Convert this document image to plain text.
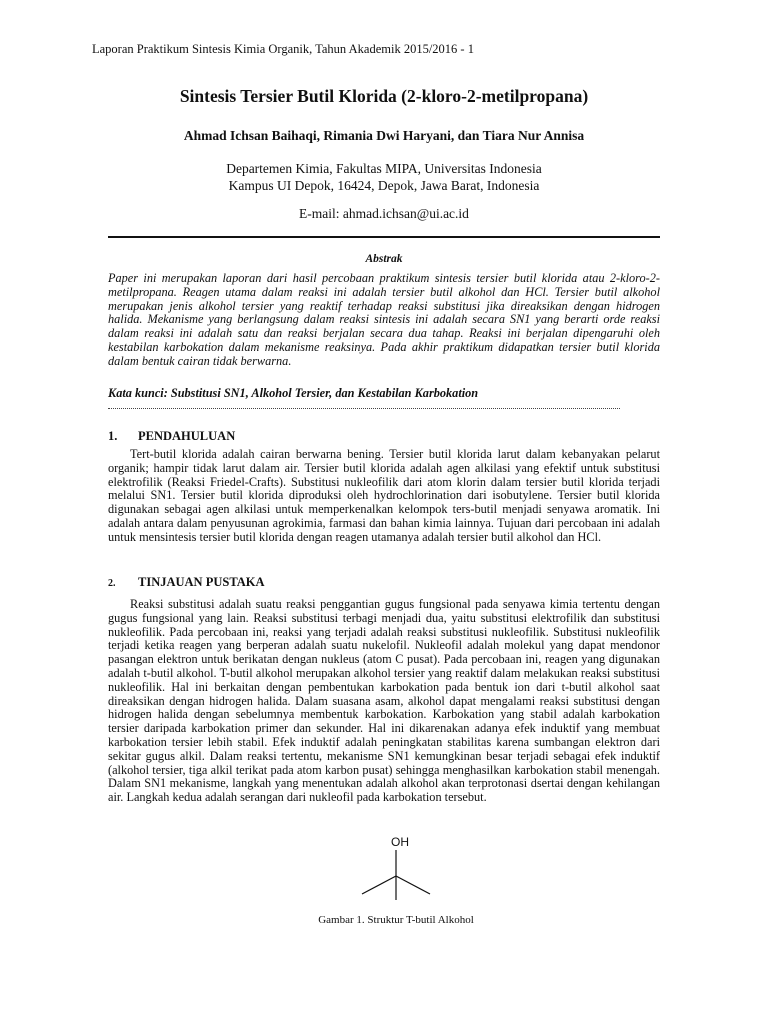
Laporan Praktikum Sintesis Kimia Organik, Tahun Akademik 2015/2016 - 1
Sintesis Tersier Butil Klorida (2-kloro-2-metilpropana)
Ahmad Ichsan Baihaqi, Rimania Dwi Haryani, dan Tiara Nur Annisa
Departemen Kimia, Fakultas MIPA, Universitas Indonesia
Kampus UI Depok, 16424, Depok, Jawa Barat, Indonesia
E-mail: ahmad.ichsan@ui.ac.id
Abstrak

Paper ini merupakan laporan dari hasil percobaan praktikum sintesis tersier butil klorida atau 2-kloro-2-metilpropana. Reagen utama dalam reaksi ini adalah tersier butil alkohol dan HCl. Tersier butil alkohol merupakan jenis alkohol tersier yang reaktif terhadap reaksi substitusi jika direaksikan dengan hidrogen halida. Mekanisme yang berlangsung dalam reaksi sintesis ini adalah secara SN1 yang berarti orde reaksi dalam reaksi ini adalah satu dan reaksi berjalan secara dua tahap. Reaksi ini berjalan dipengaruhi oleh kestabilan karbokation dalam mekanisme reaksinya. Pada akhir praktikum didapatkan tersier butil klorida dalam bentuk cairan tidak berwarna.

Kata kunci: Substitusi SN1, Alkohol Tersier, dan Kestabilan Karbokation
1. PENDAHULUAN

Tert-butil klorida adalah cairan berwarna bening. Tersier butil klorida larut dalam kebanyakan pelarut organik; hampir tidak larut dalam air. Tersier butil klorida adalah agen alkilasi yang efektif untuk substitusi elektrofilik (Reaksi Friedel-Crafts). Substitusi nukleofilik dari atom klorin dalam tersier butil klorida terjadi melalui SN1. Tersier butil klorida diproduksi oleh hydrochlorination dari isobutylene. Tersier butil klorida digunakan sebagai agen alkilasi untuk memperkenalkan kelompok ters-butil menjadi senyawa aromatik. Ini adalah antara dalam penyusunan agrokimia, farmasi dan bahan kimia lainnya. Tujuan dari percobaan ini adalah untuk mensintesis tersier butil klorida dengan reagen utamanya adalah tersier butil alkohol dan HCl.

2. TINJAUAN PUSTAKA

Reaksi substitusi adalah suatu reaksi penggantian gugus fungsional pada senyawa kimia tertentu dengan gugus fungsional yang lain. Reaksi substitusi terbagi menjadi dua, yaitu substitusi elektrofilik dan substitusi nukleofilik. Pada percobaan ini, reaksi yang terjadi adalah reaksi substitusi nukleofilik. Substitusi nukleofilik terjadi ketika reagen yang berperan adalah suatu nukelofil. Nukleofil adalah molekul yang dapat mendonor pasangan elektron untuk berikatan dengan nukleus (atom C pusat). Pada percobaan ini, reagen yang digunakan adalah t-butil alkohol. T-butil alkohol merupakan alkohol tersier yang reaktif dalam melakukan reaksi substitusi nukleofilik. Hal ini berkaitan dengan pembentukan karbokation pada bentuk ion dari t-butil alkohol saat direaksikan dengan hidrogen halida. Dalam suasana asam, alkohol dapat mengalami reaksi substitusi dengan hidrogen halida dengan sebelumnya membentuk karbokation. Karbokation yang stabil adalah karbokation tersier daripada karbokation primer dan sekunder. Hal ini dikarenakan adanya efek induktif yang membuat karbokation tersier lebih stabil. Efek induktif adalah peningkatan stabilitas karena sumbangan elektron dari sekitar gugus alkil. Dalam reaksi tertentu, mekanisme SN1 kemungkinan besar terjadi sebagai efek induktif (alkohol tersier, tiga alkil terikat pada atom karbon pusat) sehingga menghasilkan karbokation stabil menengah. Dalam SN1 mekanisme, langkah yang menentukan adalah alkohol akan terprotonasi dsertai dengan kehilangan air. Langkah kedua adalah serangan dari nukleofil pada karbokation tersebut.

OH
Gambar 1. Struktur T-butil Alkohol
